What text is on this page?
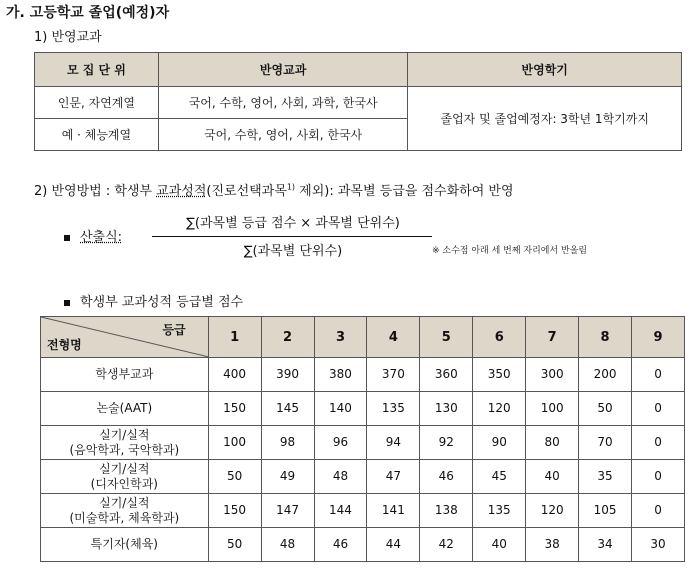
가. 고등학교 졸업(예정)자
1) 반영교과
모 집 단 위	반영교과	반영학기
인문, 자연계열	국어, 수학, 영어, 사회, 과학, 한국사	졸업자 및 졸업예정자: 3학년 1학기까지
예 · 체능계열	국어, 수학, 영어, 사회, 한국사	
2) 반영방법 : 학생부 교과성적(진로선택과목$^{1)}$ 제외): 과목별 등급을 점수화하여 반영
산출식:
∑(과목별 등급 점수 × 과목별 단위수)
∑(과목별 단위수)	※ 소수점 아래 세 번째 자리에서 반올림
학생부 교과성적 등급별 점수
등급
전형명	1	2	3	4	5	6	7	8	9

학생부교과	400	390	380	370	360	350	300	200	0

논술(AAT)	150	145	140	135	130	120	100	50	0

실기/실적
(음악학과, 국악학과)	100	98	96	94	92	90	80	70	0

실기/실적
(디자인학과)	50	49	48	47	46	45	40	35	0

실기/실적
(미술학과, 체육학과)	150	147	144	141	138	135	120	105	0

특기자(체육)	50	48	46	44	42	40	38	34	30
